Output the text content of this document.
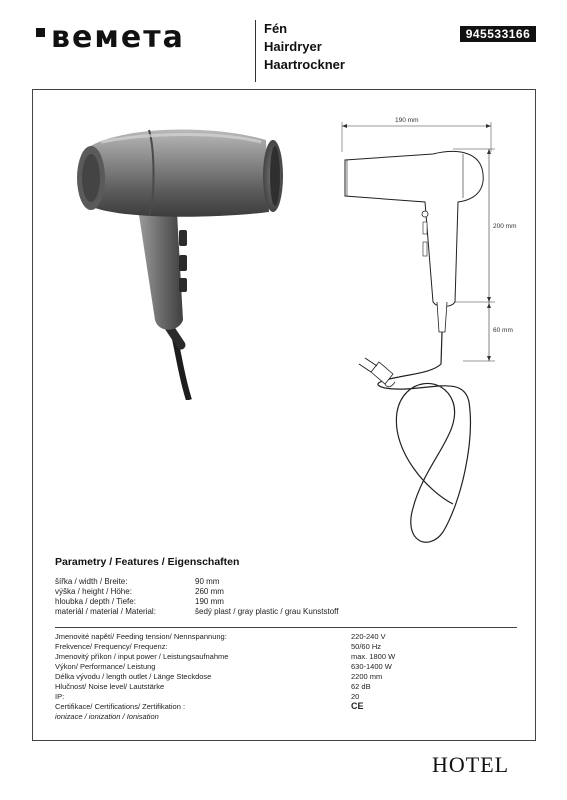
ʙeмeтa	Fén
Hairdryer
Haartrockner
945533166
190 mm
200 mm
60 mm
Parametry / Features / Eigenschaften
šířka / width / Breite:	90 mm
výška / height / Höhe:	260 mm
hloubka / depth / Tiefe:	190 mm
materiál / material / Material:	šedý plast / gray plastic / grau Kunststoff
Jmenovité napětí/ Feeding tension/ Nennspannung:	220-240 V
Frekvence/ Frequency/ Frequenz:	50/60 Hz
Jmenovitý příkon / input power / Leistungsaufnahme	max. 1800 W
Výkon/ Performance/ Leistung	630-1400 W
Délka vývodu / length outlet / Länge Steckdose	2200 mm
Hlučnost/ Noise level/ Lautstärke	62 dB
IP:	20
Certifikace/ Certifications/ Zertifikation :	CE
ionizace / ionization / Ionisation
HOTEL
